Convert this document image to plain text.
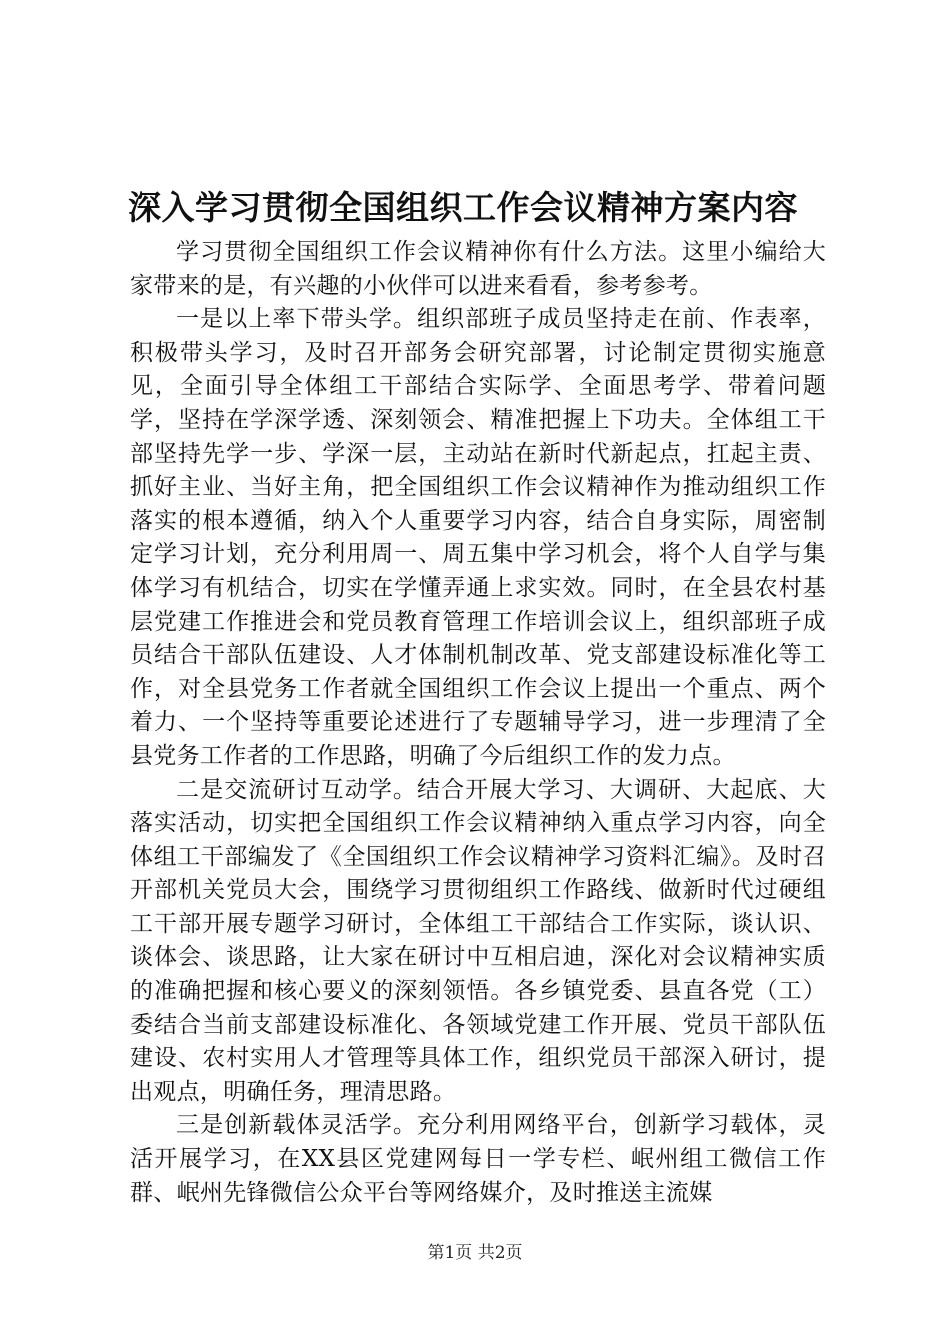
深入学习贯彻全国组织工作会议精神方案内容

学习贯彻全国组织工作会议精神你有什么方法。这里小编给大家带来的是，有兴趣的小伙伴可以进来看看，参考参考。

一是以上率下带头学。组织部班子成员坚持走在前、作表率，积极带头学习，及时召开部务会研究部署，讨论制定贯彻实施意见，全面引导全体组工干部结合实际学、全面思考学、带着问题学，坚持在学深学透、深刻领会、精准把握上下功夫。全体组工干部坚持先学一步、学深一层，主动站在新时代新起点，扛起主责、抓好主业、当好主角，把全国组织工作会议精神作为推动组织工作落实的根本遵循，纳入个人重要学习内容，结合自身实际，周密制定学习计划，充分利用周一、周五集中学习机会，将个人自学与集体学习有机结合，切实在学懂弄通上求实效。同时，在全县农村基层党建工作推进会和党员教育管理工作培训会议上，组织部班子成员结合干部队伍建设、人才体制机制改革、党支部建设标准化等工作，对全县党务工作者就全国组织工作会议上提出一个重点、两个着力、一个坚持等重要论述进行了专题辅导学习，进一步理清了全县党务工作者的工作思路，明确了今后组织工作的发力点。

二是交流研讨互动学。结合开展大学习、大调研、大起底、大落实活动，切实把全国组织工作会议精神纳入重点学习内容，向全体组工干部编发了《全国组织工作会议精神学习资料汇编》。及时召开部机关党员大会，围绕学习贯彻组织工作路线、做新时代过硬组工干部开展专题学习研讨，全体组工干部结合工作实际，谈认识、谈体会、谈思路，让大家在研讨中互相启迪，深化对会议精神实质的准确把握和核心要义的深刻领悟。各乡镇党委、县直各党（工）委结合当前支部建设标准化、各领域党建工作开展、党员干部队伍建设、农村实用人才管理等具体工作，组织党员干部深入研讨，提出观点，明确任务，理清思路。

三是创新载体灵活学。充分利用网络平台，创新学习载体，灵活开展学习，在XX县区党建网每日一学专栏、岷州组工微信工作群、岷州先锋微信公众平台等网络媒介，及时推送主流媒

第1页 共2页
